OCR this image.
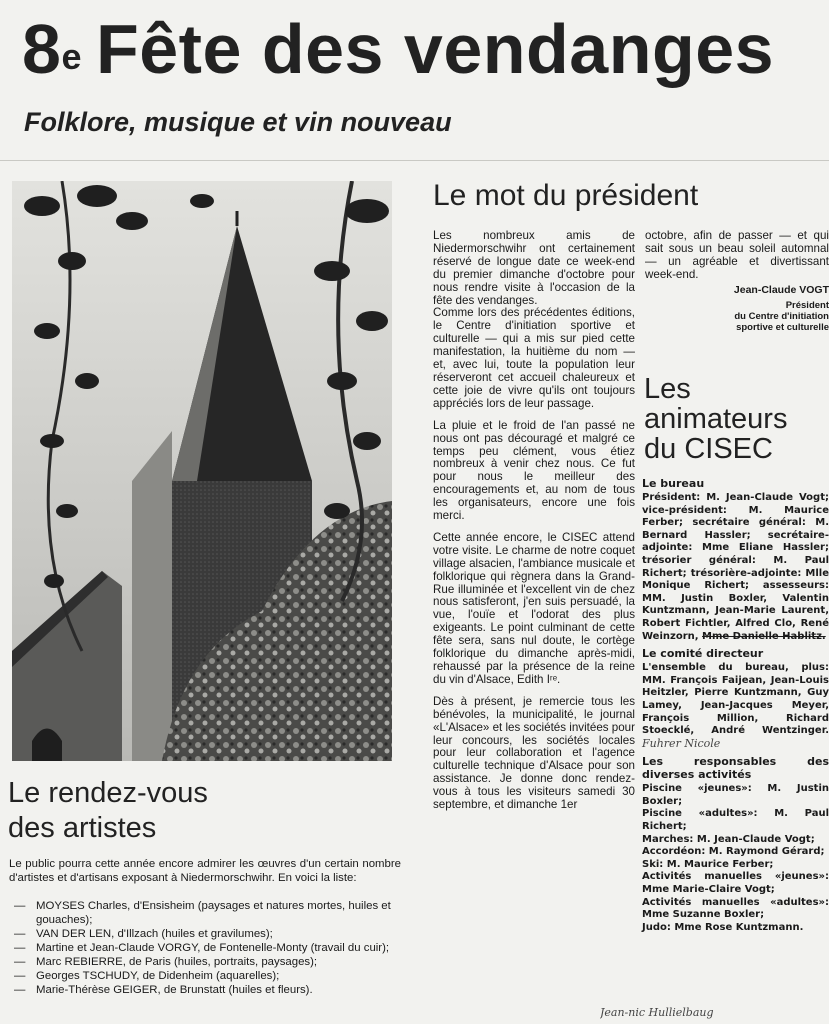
8e Fête des vendanges
Folklore, musique et vin nouveau
Le rendez-vous
des artistes

Le public pourra cette année encore admirer les œuvres d'un certain nombre d'artistes et d'artisans exposant à Niedermorschwihr. En voici la liste:

— MOYSES Charles, d'Ensisheim (paysages et natures mortes, huiles et gouaches);
— VAN DER LEN, d'Illzach (huiles et gravilumes);
— Martine et Jean-Claude VORGY, de Fontenelle-Monty (travail du cuir);
— Marc REBIERRE, de Paris (huiles, portraits, paysages);
— Georges TSCHUDY, de Didenheim (aquarelles);
— Marie-Thérèse GEIGER, de Brunstatt (huiles et fleurs).
Le mot du président

Les nombreux amis de Niedermorschwihr ont certainement réservé de longue date ce week-end du premier dimanche d'octobre pour nous rendre visite à l'occasion de la fête des vendanges.

Comme lors des précédentes éditions, le Centre d'initiation sportive et culturelle — qui a mis sur pied cette manifestation, la huitième du nom — et, avec lui, toute la population leur réserveront cet accueil chaleureux et cette joie de vivre qu'ils ont toujours appréciés lors de leur passage.

La pluie et le froid de l'an passé ne nous ont pas découragé et malgré ce temps peu clément, vous étiez nombreux à venir chez nous. Ce fut pour nous le meilleur des encouragements et, au nom de tous les organisateurs, encore une fois merci.

Cette année encore, le CISEC attend votre visite. Le charme de notre coquet village alsacien, l'ambiance musicale et folklorique qui règnera dans la Grand-Rue illuminée et l'excellent vin de chez nous satisferont, j'en suis persuadé, la vue, l'ouïe et l'odorat des plus exigeants. Le point culminant de cette fête sera, sans nul doute, le cortège folklorique du dimanche après-midi, rehaussé par la présence de la reine du vin d'Alsace, Edith Iʳᵉ.

Dès à présent, je remercie tous les bénévoles, la municipalité, le journal «L'Alsace» et les sociétés invitées pour leur concours, les sociétés locales pour leur collaboration et l'agence culturelle technique d'Alsace pour son assistance. Je donne donc rendez-vous à tous les visiteurs samedi 30 septembre, et dimanche 1er

octobre, afin de passer — et qui sait sous un beau soleil automnal — un agréable et divertissant week-end.

Jean-Claude VOGT
Président
du Centre d'initiation
sportive et culturelle
Les
animateurs
du CISEC
Le bureau

Président: M. Jean-Claude Vogt; vice-président: M. Maurice Ferber; secrétaire général: M. Bernard Hassler; secrétaire-adjointe: Mme Eliane Hassler; trésorier général: M. Paul Richert; trésorière-adjointe: Mlle Monique Richert; assesseurs: MM. Justin Boxler, Valentin Kuntzmann, Jean-Marie Laurent, Robert Fichtler, Alfred Clo, René Weinzorn, Mme Danielle Hablitz.

Le comité directeur

L'ensemble du bureau, plus: MM. François Faijean, Jean-Louis Heitzler, Pierre Kuntzmann, Guy Lamey, Jean-Jacques Meyer, François Million, Richard Stoecklé, André Wentzinger. Fuhrer Nicole

Les responsables des diverses activités
Piscine «jeunes»: M. Justin Boxler;
Piscine «adultes»: M. Paul Richert;
Marches: M. Jean-Claude Vogt;
Accordéon: M. Raymond Gérard;
Ski: M. Maurice Ferber;
Activités manuelles «jeunes»: Mme Marie-Claire Vogt;
Activités manuelles «adultes»: Mme Suzanne Boxler;
Judo: Mme Rose Kuntzmann.
Jean-nic Hullielbaug
